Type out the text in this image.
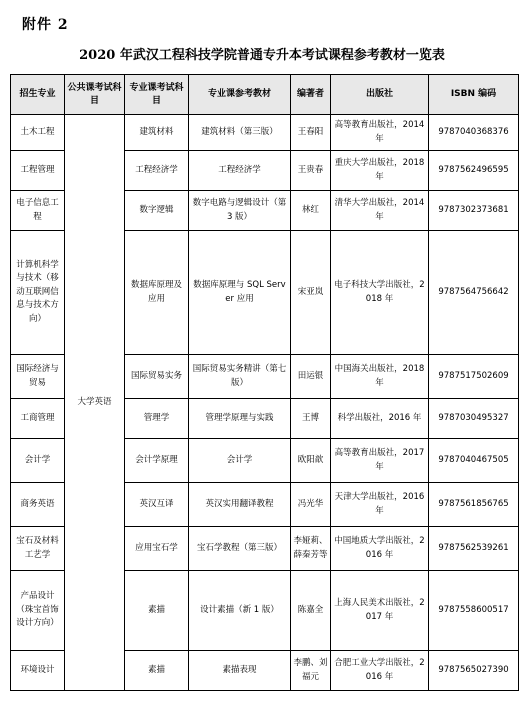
附件 2
2020 年武汉工程科技学院普通专升本考试课程参考教材一览表
招生专业	公共课考试科目	专业课考试科目	专业课参考教材	编著者	出版社	ISBN 编码
土木工程	大学英语	建筑材料	建筑材料（第三版）	王春阳	高等教育出版社，2014 年	9787040368376
工程管理		工程经济学	工程经济学	王贵春	重庆大学出版社，2018 年	9787562496595
电子信息工程		数字逻辑	数字电路与逻辑设计（第 3 版）	林红	清华大学出版社，2014 年	9787302373681
计算机科学与技术（移动互联网信息与技术方向）		数据库原理及应用	数据库原理与 SQL Server 应用	宋亚岚	电子科技大学出版社，2018 年	9787564756642
国际经济与贸易		国际贸易实务	国际贸易实务精讲（第七版）	田运银	中国海关出版社，2018 年	9787517502609
工商管理		管理学	管理学原理与实践	王博	科学出版社，2016 年	9787030495327
会计学		会计学原理	会计学	欧阳歆	高等教育出版社，2017 年	9787040467505
商务英语		英汉互译	英汉实用翻译教程	冯光华	天津大学出版社，2016 年	9787561856765
宝石及材料工艺学		应用宝石学	宝石学教程（第三版）	李娅莉、薛秦芳等	中国地质大学出版社，2016 年	9787562539261
产品设计（珠宝首饰设计方向）		素描	设计素描（新 1 版）	陈嘉全	上海人民美术出版社，2017 年	9787558600517
环境设计		素描	素描表现	李鹏、刘福元	合肥工业大学出版社，2016 年	9787565027390
